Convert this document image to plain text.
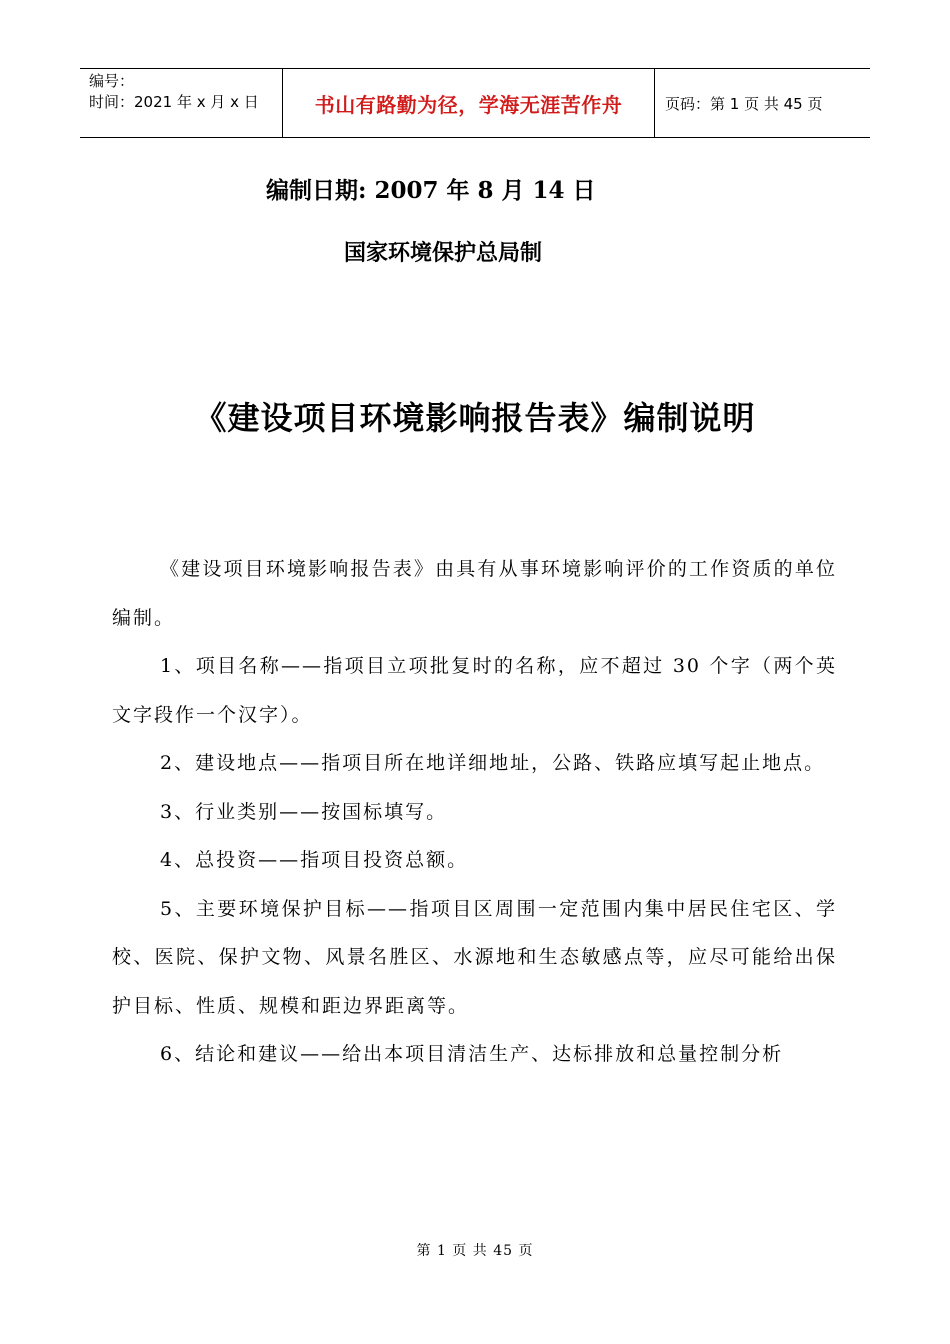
编号：
时间：2021 年 x 月 x 日	书山有路勤为径，学海无涯苦作舟	页码：第 1 页 共 45 页
编制日期: 2007 年 8 月 14 日
国家环境保护总局制
《建设项目环境影响报告表》编制说明

《建设项目环境影响报告表》由具有从事环境影响评价的工作资质的单位编制。

1、项目名称——指项目立项批复时的名称，应不超过 30 个字（两个英文字段作一个汉字）。

2、建设地点——指项目所在地详细地址，公路、铁路应填写起止地点。

3、行业类别——按国标填写。

4、总投资——指项目投资总额。

5、主要环境保护目标——指项目区周围一定范围内集中居民住宅区、学校、医院、保护文物、风景名胜区、水源地和生态敏感点等，应尽可能给出保护目标、性质、规模和距边界距离等。

6、结论和建议——给出本项目清洁生产、达标排放和总量控制分析

第 1 页 共 45 页
